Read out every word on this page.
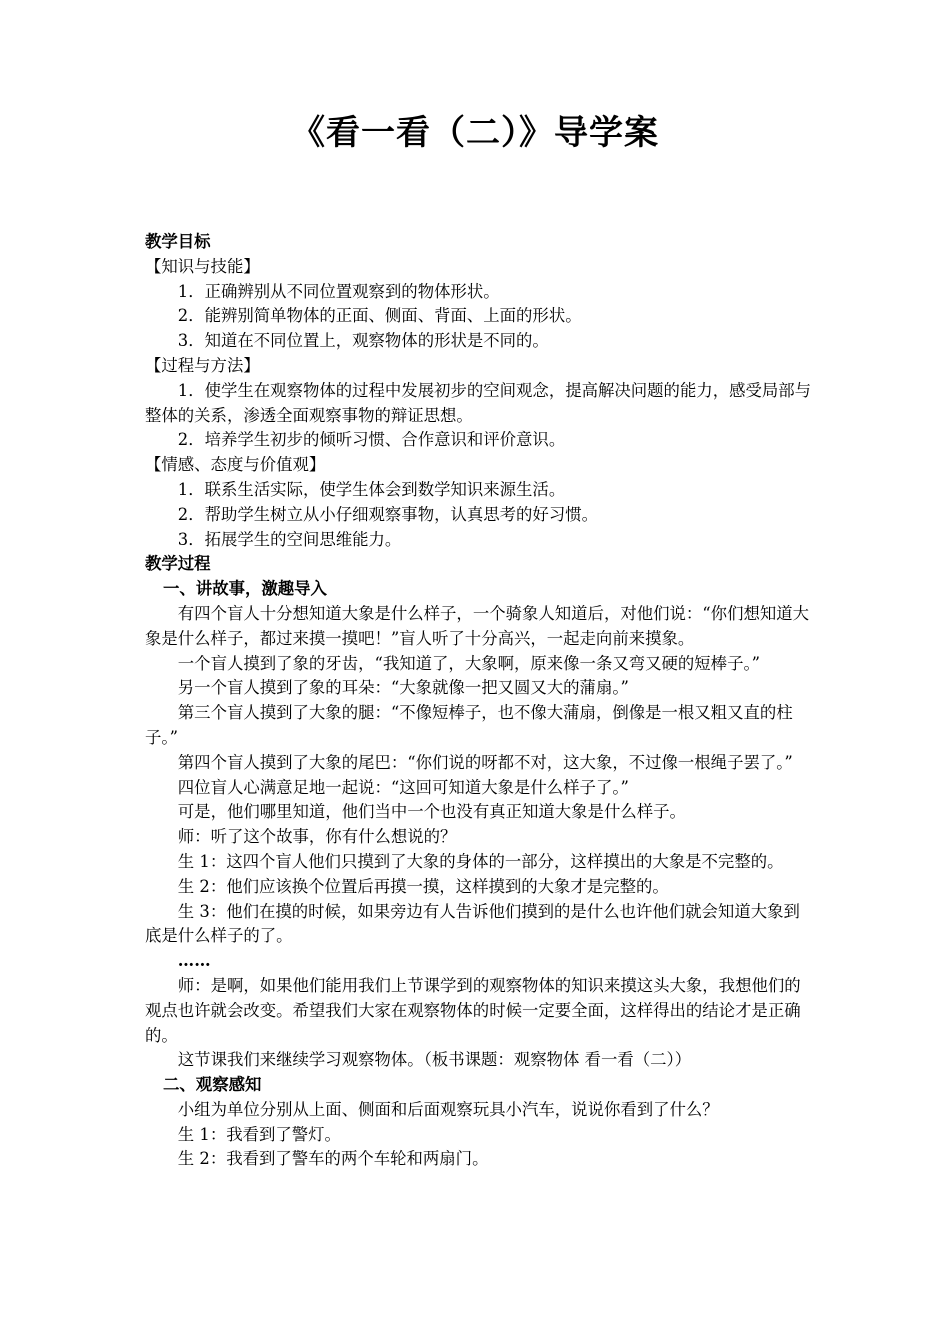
《看一看（二）》导学案

教学目标

【知识与技能】

1．正确辨别从不同位置观察到的物体形状。

2．能辨别简单物体的正面、侧面、背面、上面的形状。

3．知道在不同位置上，观察物体的形状是不同的。

【过程与方法】

1．使学生在观察物体的过程中发展初步的空间观念，提高解决问题的能力，感受局部与整体的关系，渗透全面观察事物的辩证思想。

2．培养学生初步的倾听习惯、合作意识和评价意识。

【情感、态度与价值观】

1．联系生活实际，使学生体会到数学知识来源生活。

2．帮助学生树立从小仔细观察事物，认真思考的好习惯。

3．拓展学生的空间思维能力。

教学过程

一、讲故事，激趣导入

有四个盲人十分想知道大象是什么样子，一个骑象人知道后，对他们说：“你们想知道大象是什么样子，都过来摸一摸吧！”盲人听了十分高兴，一起走向前来摸象。

一个盲人摸到了象的牙齿，“我知道了，大象啊，原来像一条又弯又硬的短棒子。”

另一个盲人摸到了象的耳朵：“大象就像一把又圆又大的蒲扇。”

第三个盲人摸到了大象的腿：“不像短棒子，也不像大蒲扇，倒像是一根又粗又直的柱子。”

第四个盲人摸到了大象的尾巴：“你们说的呀都不对，这大象，不过像一根绳子罢了。”

四位盲人心满意足地一起说：“这回可知道大象是什么样子了。”

可是，他们哪里知道，他们当中一个也没有真正知道大象是什么样子。

师：听了这个故事，你有什么想说的？

生 1：这四个盲人他们只摸到了大象的身体的一部分，这样摸出的大象是不完整的。

生 2：他们应该换个位置后再摸一摸，这样摸到的大象才是完整的。

生 3：他们在摸的时候，如果旁边有人告诉他们摸到的是什么也许他们就会知道大象到底是什么样子的了。

……

师：是啊，如果他们能用我们上节课学到的观察物体的知识来摸这头大象，我想他们的观点也许就会改变。希望我们大家在观察物体的时候一定要全面，这样得出的结论才是正确的。

这节课我们来继续学习观察物体。（板书课题：观察物体 看一看（二））

二、观察感知

小组为单位分别从上面、侧面和后面观察玩具小汽车，说说你看到了什么？

生 1：我看到了警灯。

生 2：我看到了警车的两个车轮和两扇门。
